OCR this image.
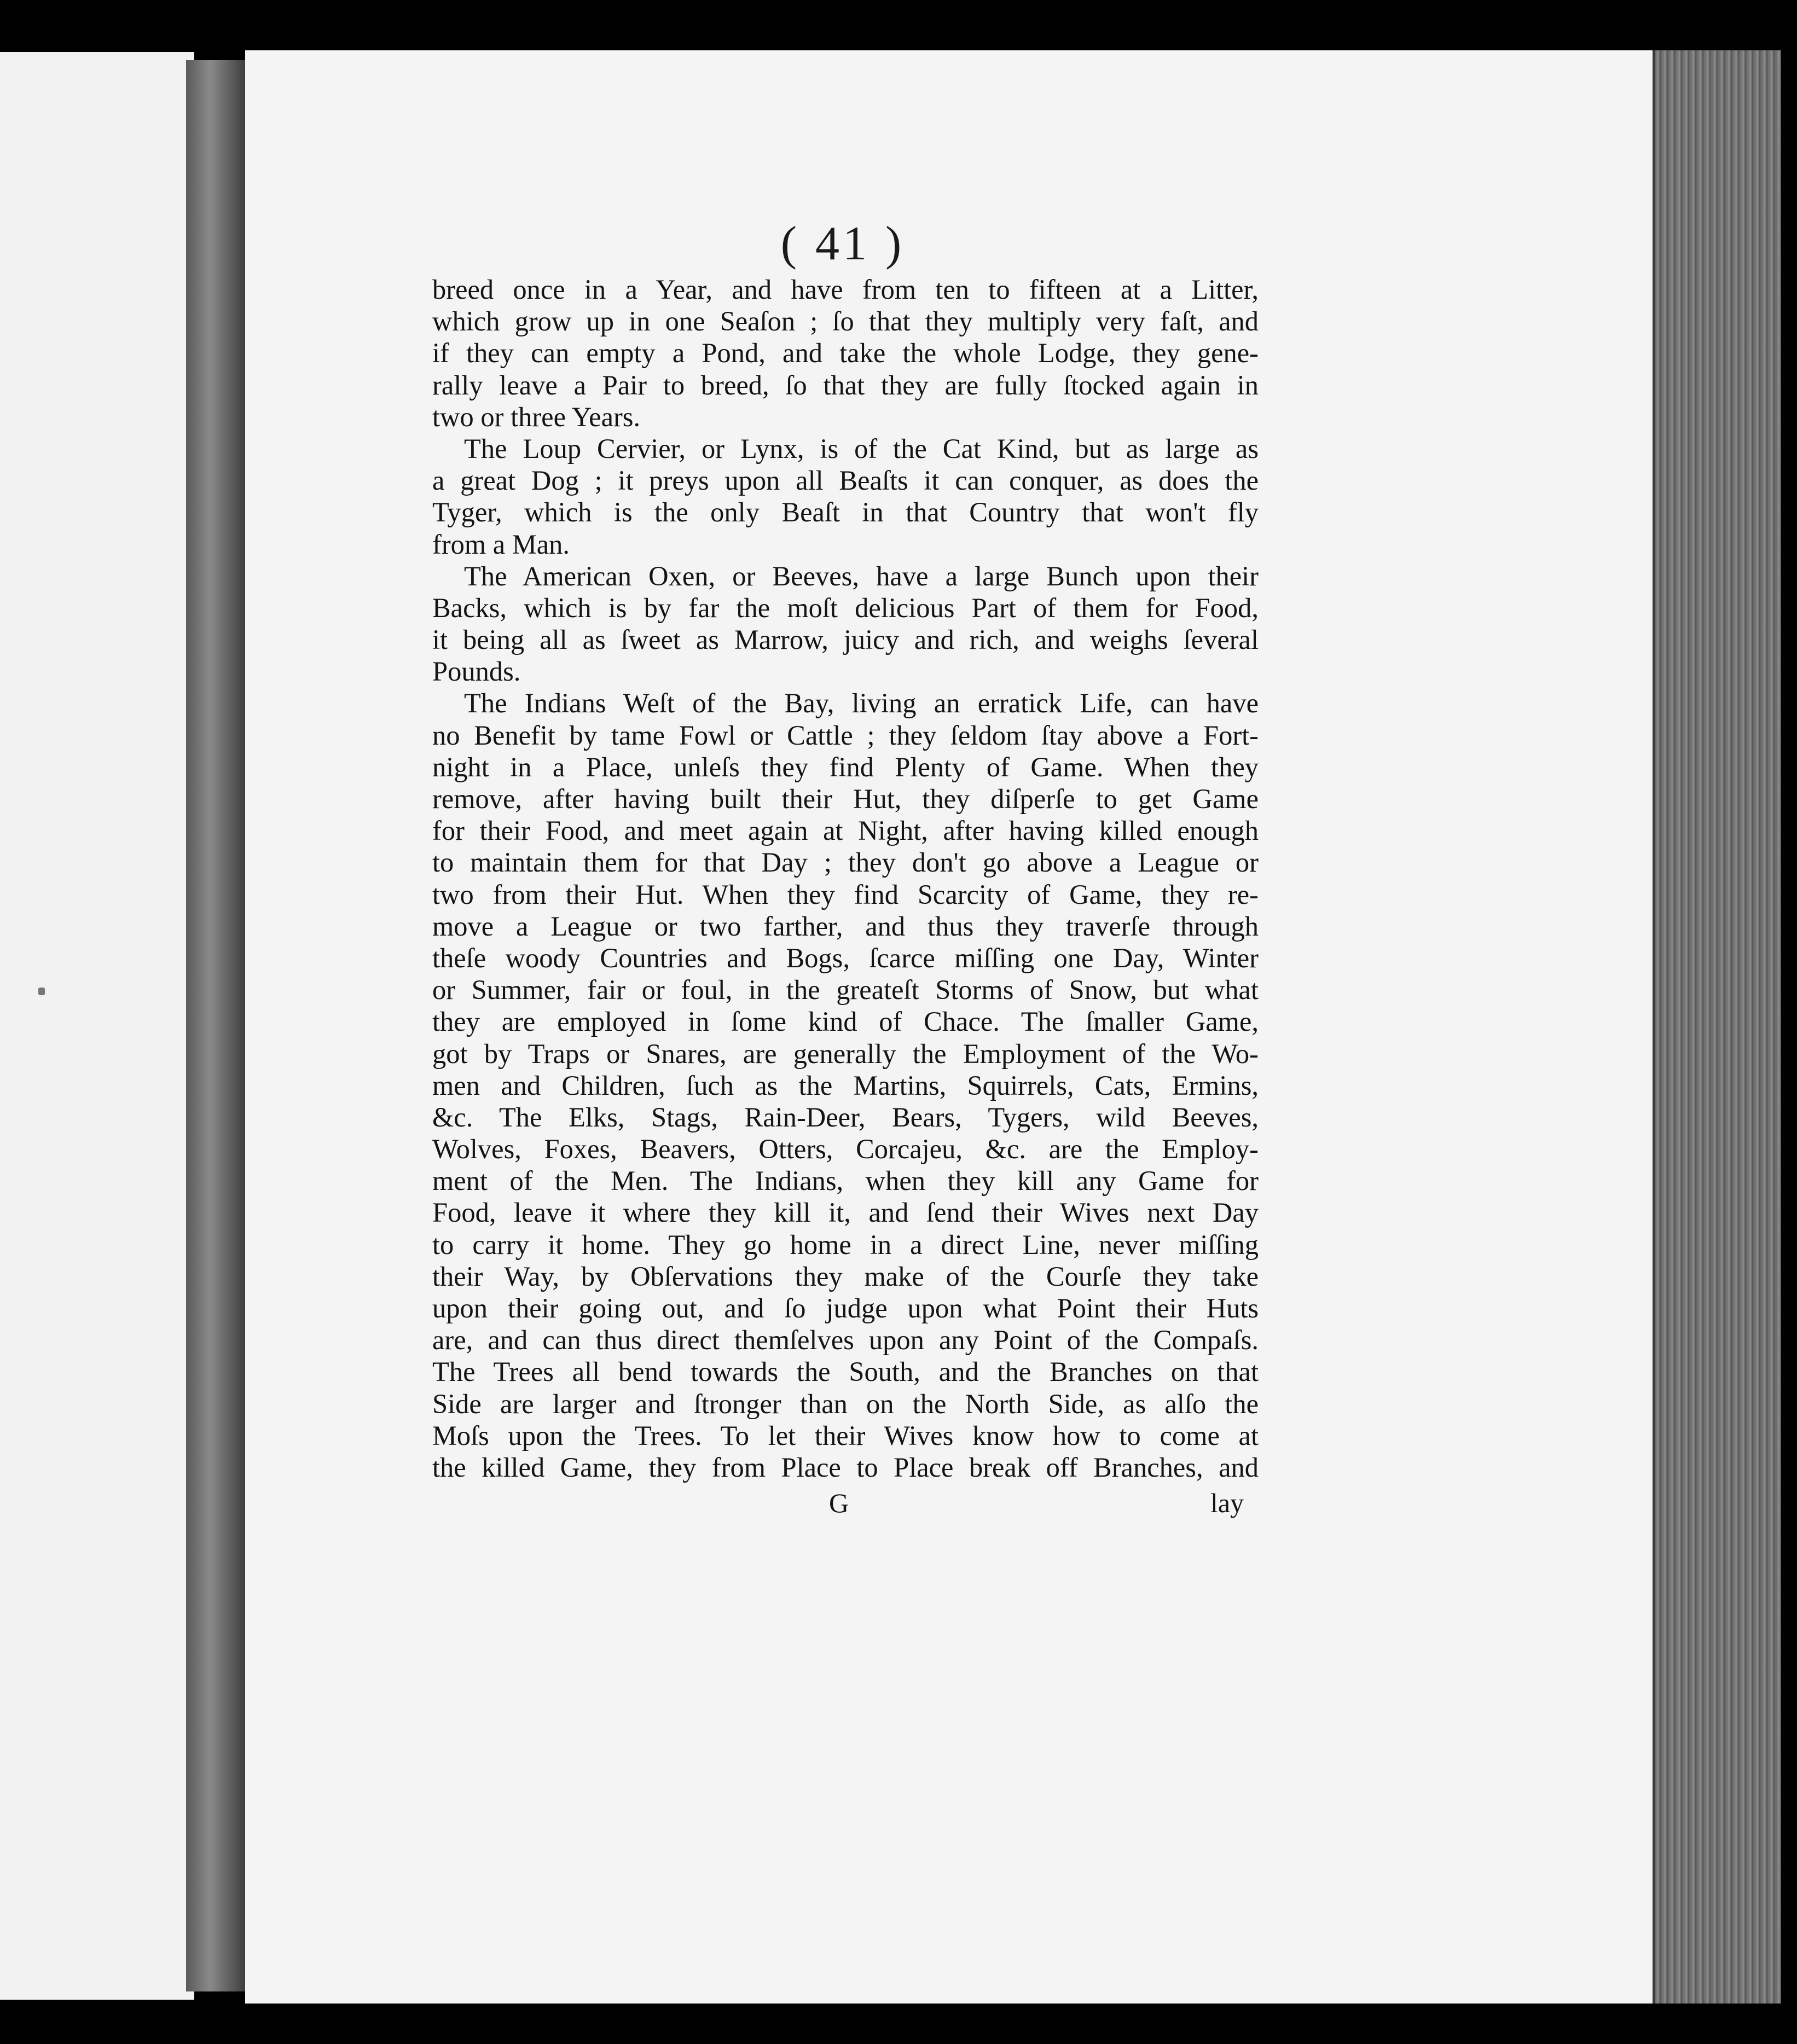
( 41 )
breed once in a Year, and have from ten to fifteen at a Litter,
which grow up in one Seaſon ; ſo that they multiply very faſt, and
if they can empty a Pond, and take the whole Lodge, they gene-
rally leave a Pair to breed, ſo that they are fully ſtocked again in
two or three Years.
The Loup Cervier, or Lynx, is of the Cat Kind, but as large as
a great Dog ; it preys upon all Beaſts it can conquer, as does the
Tyger, which is the only Beaſt in that Country that won't fly
from a Man.
The American Oxen, or Beeves, have a large Bunch upon their
Backs, which is by far the moſt delicious Part of them for Food,
it being all as ſweet as Marrow, juicy and rich, and weighs ſeveral
Pounds.
The Indians Weſt of the Bay, living an erratick Life, can have
no Benefit by tame Fowl or Cattle ; they ſeldom ſtay above a Fort-
night in a Place, unleſs they find Plenty of Game. When they
remove, after having built their Hut, they diſperſe to get Game
for their Food, and meet again at Night, after having killed enough
to maintain them for that Day ; they don't go above a League or
two from their Hut. When they find Scarcity of Game, they re-
move a League or two farther, and thus they traverſe through
theſe woody Countries and Bogs, ſcarce miſſing one Day, Winter
or Summer, fair or foul, in the greateſt Storms of Snow, but what
they are employed in ſome kind of Chace. The ſmaller Game,
got by Traps or Snares, are generally the Employment of the Wo-
men and Children, ſuch as the Martins, Squirrels, Cats, Ermins,
&c. The Elks, Stags, Rain-Deer, Bears, Tygers, wild Beeves,
Wolves, Foxes, Beavers, Otters, Corcajeu, &c. are the Employ-
ment of the Men. The Indians, when they kill any Game for
Food, leave it where they kill it, and ſend their Wives next Day
to carry it home. They go home in a direct Line, never miſſing
their Way, by Obſervations they make of the Courſe they take
upon their going out, and ſo judge upon what Point their Huts
are, and can thus direct themſelves upon any Point of the Compaſs.
The Trees all bend towards the South, and the Branches on that
Side are larger and ſtronger than on the North Side, as alſo the
Moſs upon the Trees. To let their Wives know how to come at
the killed Game, they from Place to Place break off Branches, and
G	lay
